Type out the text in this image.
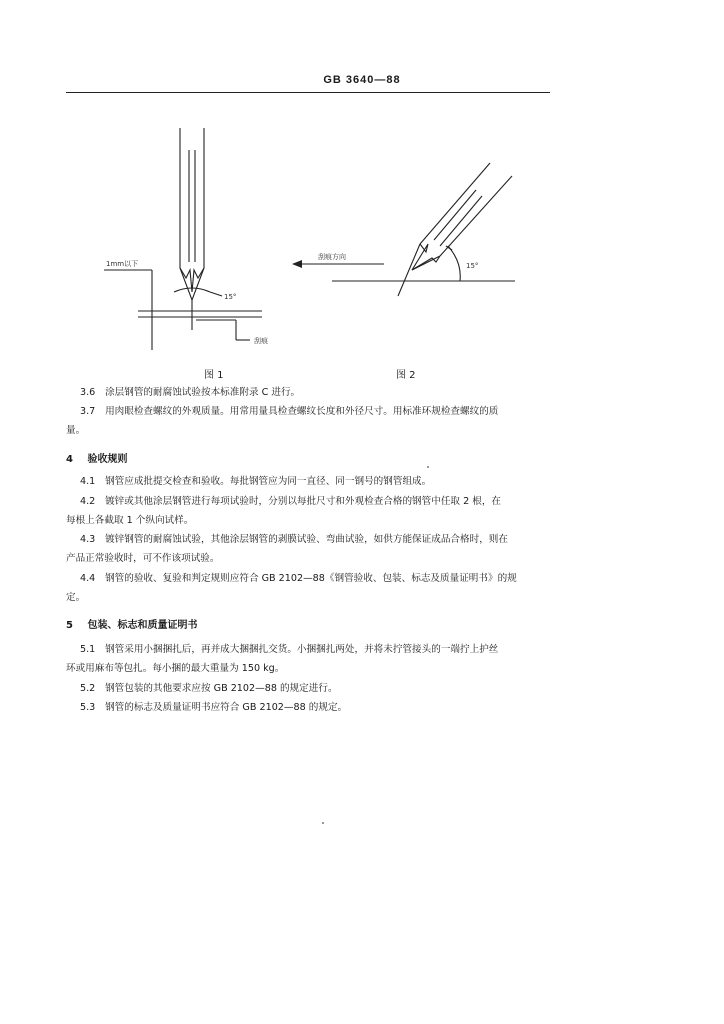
GB 3640—88
1mm以下
15°
刮痕
刮痕方向
15°
图 1	图 2
3.6 涂层钢管的耐腐蚀试验按本标准附录 C 进行。
3.7 用肉眼检查螺纹的外观质量。用常用量具检查螺纹长度和外径尺寸。用标准环规检查螺纹的质
量。
4 验收规则
4.1 钢管应成批提交检查和验收。每批钢管应为同一直径、同一钢号的钢管组成。
4.2 镀锌或其他涂层钢管进行每项试验时，分别以每批尺寸和外观检查合格的钢管中任取 2 根，在
每根上各截取 1 个纵向试样。
4.3 镀锌钢管的耐腐蚀试验，其他涂层钢管的剥膜试验、弯曲试验，如供方能保证成品合格时，则在
产品正常验收时，可不作该项试验。
4.4 钢管的验收、复验和判定规则应符合 GB 2102—88《钢管验收、包装、标志及质量证明书》的规
定。
5 包装、标志和质量证明书
5.1 钢管采用小捆捆扎后，再并成大捆捆扎交货。小捆捆扎两处，并将未拧管接头的一端拧上护丝
环或用麻布等包扎。每小捆的最大重量为 150 kg。
5.2 钢管包装的其他要求应按 GB 2102—88 的规定进行。
5.3 钢管的标志及质量证明书应符合 GB 2102—88 的规定。
